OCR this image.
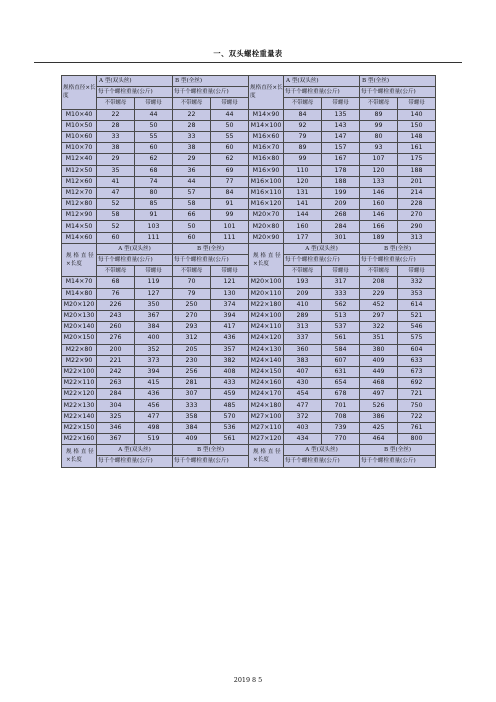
一、双头螺栓重量表
规格直径×长度	A 型(双头丝)		B 型(全丝)		规格直径×长度	A 型(双头丝)		B 型(全丝)	
	每千个螺栓重量(公斤)		每千个螺栓重量(公斤)			每千个螺栓重量(公斤)		每千个螺栓重量(公斤)	
	不带螺母	带螺母	不带螺母	带螺母		不带螺母	带螺母	不带螺母	带螺母
M10×40	22	44	22	44	M14×90	84	135	89	140
M10×50	28	50	28	50	M14×100	92	143	99	150
M10×60	33	55	33	55	M16×60	79	147	80	148
M10×70	38	60	38	60	M16×70	89	157	93	161
M12×40	29	62	29	62	M16×80	99	167	107	175
M12×50	35	68	36	69	M16×90	110	178	120	188
M12×60	41	74	44	77	M16×100	120	188	133	201
M12×70	47	80	57	84	M16×110	131	199	146	214
M12×80	52	85	58	91	M16×120	141	209	160	228
M12×90	58	91	66	99	M20×70	144	268	146	270
M14×50	52	103	50	101	M20×80	160	284	166	290
M14×60	60	111	60	111	M20×90	177	301	189	313
规 格 直 径×长度	A 型(双头丝)		B 型(全丝)		规 格 直 径×长度	A 型(双头丝)		B 型(全丝)	
	每千个螺栓重量(公斤)		每千个螺栓重量(公斤)			每千个螺栓重量(公斤)		每千个螺栓重量(公斤)	
	不带螺母	带螺母	不带螺母	带螺母		不带螺母	带螺母	不带螺母	带螺母
M14×70	68	119	70	121	M20×100	193	317	208	332
M14×80	76	127	79	130	M20×110	209	333	229	353
M20×120	226	350	250	374	M22×180	410	562	452	614
M20×130	243	367	270	394	M24×100	289	513	297	521
M20×140	260	384	293	417	M24×110	313	537	322	546
M20×150	276	400	312	436	M24×120	337	561	351	575
M22×80	200	352	205	357	M24×130	360	584	380	604
M22×90	221	373	230	382	M24×140	383	607	409	633
M22×100	242	394	256	408	M24×150	407	631	449	673
M22×110	263	415	281	433	M24×160	430	654	468	692
M22×120	284	436	307	459	M24×170	454	678	497	721
M22×130	304	456	333	485	M24×180	477	701	526	750
M22×140	325	477	358	570	M27×100	372	708	386	722
M22×150	346	498	384	536	M27×110	403	739	425	761
M22×160	367	519	409	561	M27×120	434	770	464	800
规 格 直 径×长度	A 型(双头丝)		B 型(全丝)		规 格 直 径×长度	A 型(双头丝)		B 型(全丝)	
	每千个螺栓重量(公斤)		每千个螺栓重量(公斤)			每千个螺栓重量(公斤)		每千个螺栓重量(公斤)	
2019 8 5
